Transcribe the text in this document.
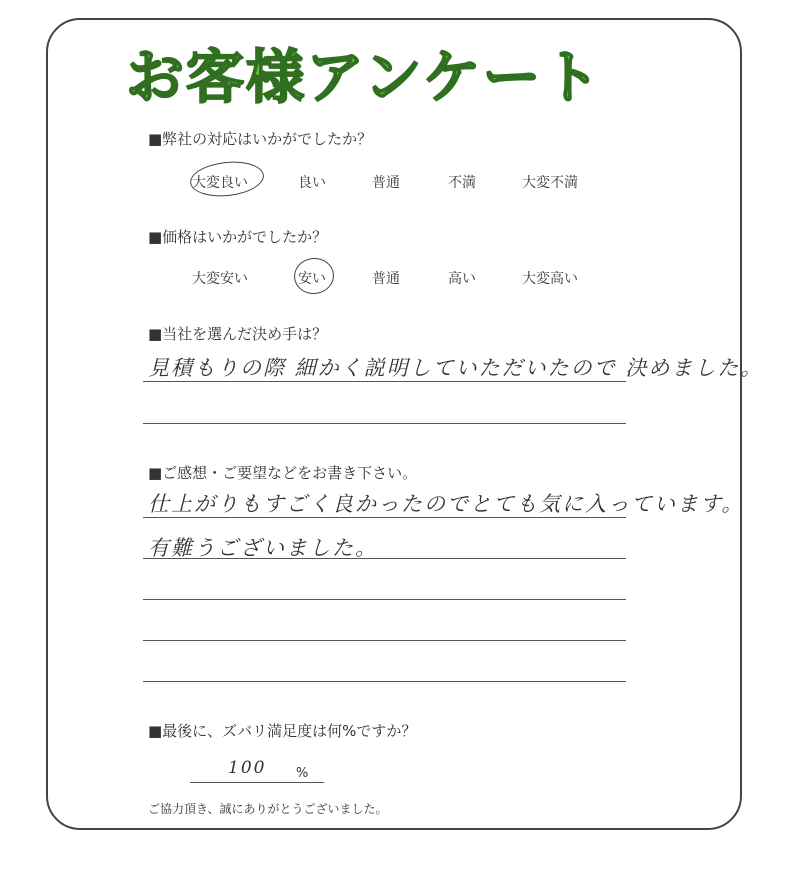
お客様アンケート
■弊社の対応はいかがでしたか？
大変良い	良い	普通	不満	大変不満
■価格はいかがでしたか？
大変安い	安い	普通	高い	大変高い
■当社を選んだ決め手は？
見積もりの際 細かく説明していただいたので 決めました。
■ご感想・ご要望などをお書き下さい。
仕上がりもすごく良かったのでとても気に入っています。
有難うございました。
■最後に、ズバリ満足度は何%ですか？
100 %
ご協力頂き、誠にありがとうございました。
